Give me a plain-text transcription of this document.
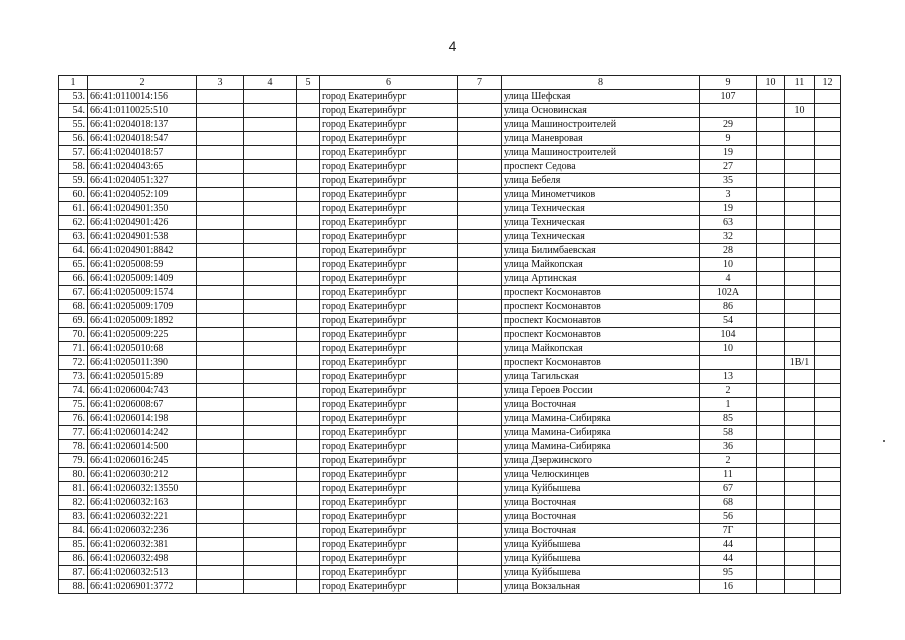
4
1	2	3	4	5	6	7	8	9	10	11	12
53.	66:41:0110014:156				город Екатеринбург		улица Шефская	107			
54.	66:41:0110025:510				город Екатеринбург		улица Основинская			10	
55.	66:41:0204018:137				город Екатеринбург		улица Машиностроителей	29			
56.	66:41:0204018:547				город Екатеринбург		улица Маневровая	9			
57.	66:41:0204018:57				город Екатеринбург		улица Машиностроителей	19			
58.	66:41:0204043:65				город Екатеринбург		проспект Седова	27			
59.	66:41:0204051:327				город Екатеринбург		улица Бебеля	35			
60.	66:41:0204052:109				город Екатеринбург		улица Минометчиков	3			
61.	66:41:0204901:350				город Екатеринбург		улица Техническая	19			
62.	66:41:0204901:426				город Екатеринбург		улица Техническая	63			
63.	66:41:0204901:538				город Екатеринбург		улица Техническая	32			
64.	66:41:0204901:8842				город Екатеринбург		улица Билимбаевская	28			
65.	66:41:0205008:59				город Екатеринбург		улица Майкопская	10			
66.	66:41:0205009:1409				город Екатеринбург		улица Артинская	4			
67.	66:41:0205009:1574				город Екатеринбург		проспект Космонавтов	102А			
68.	66:41:0205009:1709				город Екатеринбург		проспект Космонавтов	86			
69.	66:41:0205009:1892				город Екатеринбург		проспект Космонавтов	54			
70.	66:41:0205009:225				город Екатеринбург		проспект Космонавтов	104			
71.	66:41:0205010:68				город Екатеринбург		улица Майкопская	10			
72.	66:41:0205011:390				город Екатеринбург		проспект Космонавтов			1В/1	
73.	66:41:0205015:89				город Екатеринбург		улица Тагильская	13			
74.	66:41:0206004:743				город Екатеринбург		улица Героев России	2			
75.	66:41:0206008:67				город Екатеринбург		улица Восточная	1			
76.	66:41:0206014:198				город Екатеринбург		улица Мамина-Сибиряка	85			
77.	66:41:0206014:242				город Екатеринбург		улица Мамина-Сибиряка	58			
78.	66:41:0206014:500				город Екатеринбург		улица Мамина-Сибиряка	36			
79.	66:41:0206016:245				город Екатеринбург		улица Дзержинского	2			
80.	66:41:0206030:212				город Екатеринбург		улица Челюскинцев	11			
81.	66:41:0206032:13550				город Екатеринбург		улица Куйбышева	67			
82.	66:41:0206032:163				город Екатеринбург		улица Восточная	68			
83.	66:41:0206032:221				город Екатеринбург		улица Восточная	56			
84.	66:41:0206032:236				город Екатеринбург		улица Восточная	7Г			
85.	66:41:0206032:381				город Екатеринбург		улица Куйбышева	44			
86.	66:41:0206032:498				город Екатеринбург		улица Куйбышева	44			
87.	66:41:0206032:513				город Екатеринбург		улица Куйбышева	95			
88.	66:41:0206901:3772				город Екатеринбург		улица Вокзальная	16			
